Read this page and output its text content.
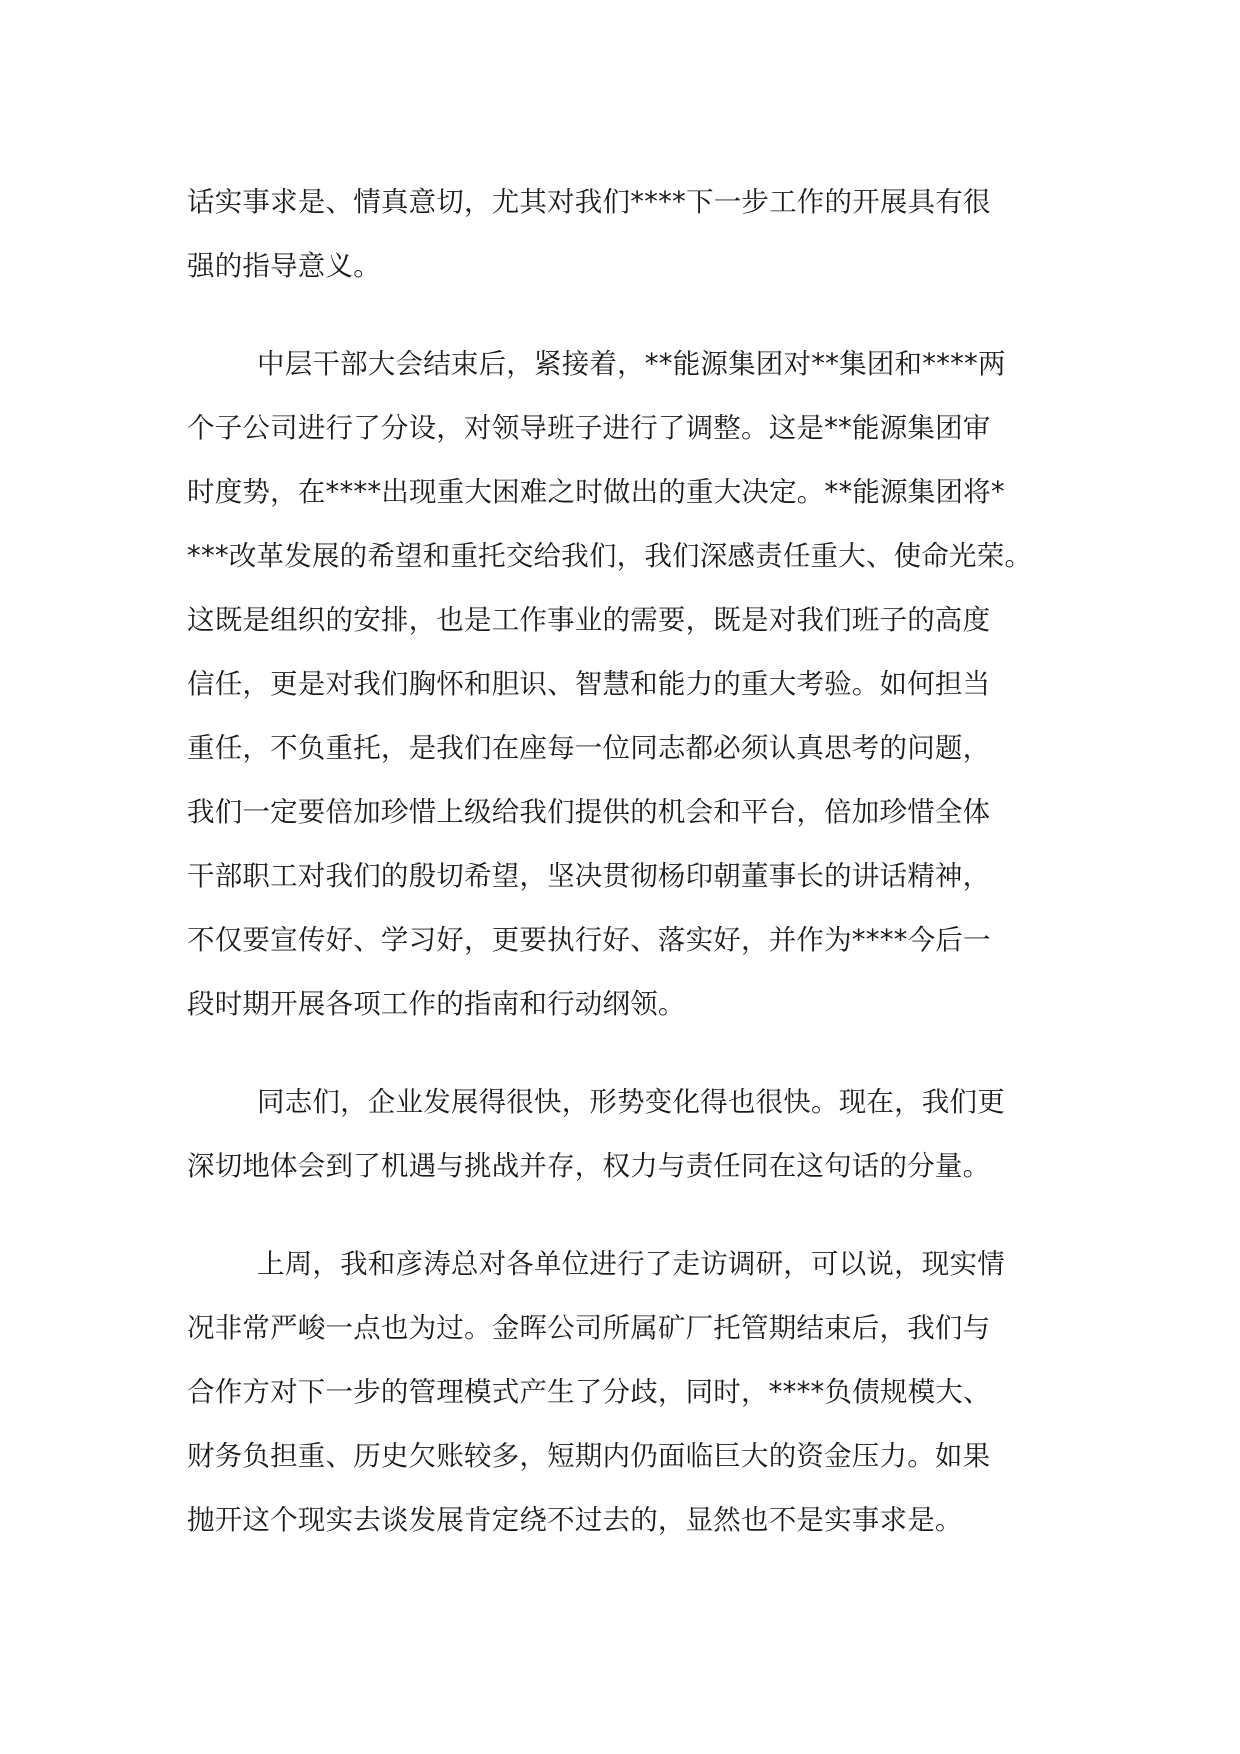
话实事求是、情真意切，尤其对我们****下一步工作的开展具有很
强的指导意义。
中层干部大会结束后，紧接着，**能源集团对**集团和****两
个子公司进行了分设，对领导班子进行了调整。这是**能源集团审
时度势，在****出现重大困难之时做出的重大决定。**能源集团将*
***改革发展的希望和重托交给我们，我们深感责任重大、使命光荣。
这既是组织的安排，也是工作事业的需要，既是对我们班子的高度
信任，更是对我们胸怀和胆识、智慧和能力的重大考验。如何担当
重任，不负重托，是我们在座每一位同志都必须认真思考的问题，
我们一定要倍加珍惜上级给我们提供的机会和平台，倍加珍惜全体
干部职工对我们的殷切希望，坚决贯彻杨印朝董事长的讲话精神，
不仅要宣传好、学习好，更要执行好、落实好，并作为****今后一
段时期开展各项工作的指南和行动纲领。
同志们，企业发展得很快，形势变化得也很快。现在，我们更
深切地体会到了机遇与挑战并存，权力与责任同在这句话的分量。
上周，我和彦涛总对各单位进行了走访调研，可以说，现实情
况非常严峻一点也为过。金晖公司所属矿厂托管期结束后，我们与
合作方对下一步的管理模式产生了分歧，同时，****负债规模大、
财务负担重、历史欠账较多，短期内仍面临巨大的资金压力。如果
抛开这个现实去谈发展肯定绕不过去的，显然也不是实事求是。
